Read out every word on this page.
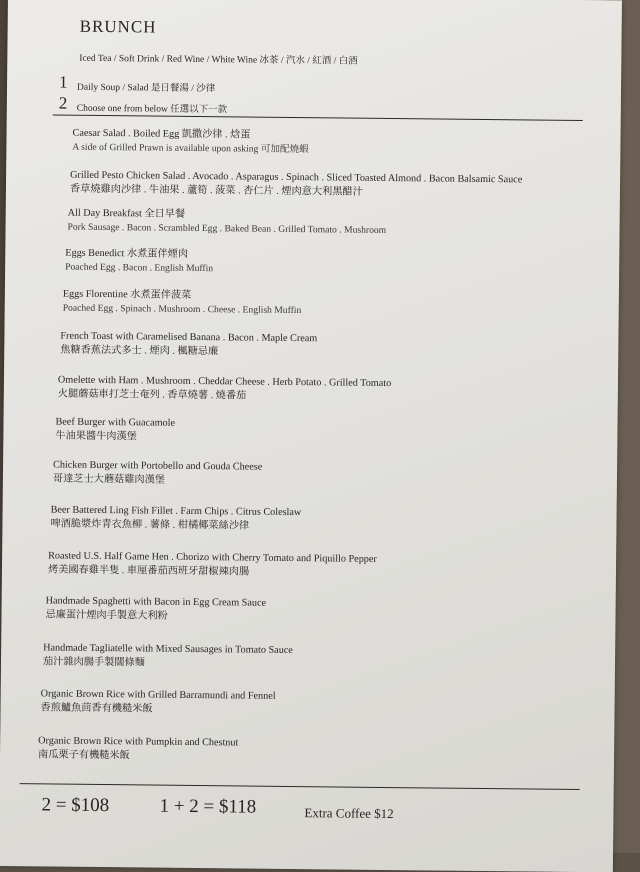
BRUNCH
Iced Tea / Soft Drink / Red Wine / White Wine 冰茶 / 汽水 / 紅酒 / 白酒
1 Daily Soup / Salad 是日餐湯 / 沙律
2 Choose one from below 任選以下一款
Caesar Salad . Boiled Egg 凱撒沙律 . 焓蛋
A side of Grilled Prawn is available upon asking 可加配燒蝦
Grilled Pesto Chicken Salad . Avocado . Asparagus . Spinach . Sliced Toasted Almond . Bacon Balsamic Sauce
香草燒雞肉沙律 . 牛油果 . 蘆筍 . 菠菜 . 杏仁片 . 煙肉意大利黑醋汁
All Day Breakfast 全日早餐
Pork Sausage . Bacon . Scrambled Egg . Baked Bean . Grilled Tomato . Mushroom
Eggs Benedict 水煮蛋伴煙肉
Poached Egg . Bacon . English Muffin
Eggs Florentine 水煮蛋伴菠菜
Poached Egg . Spinach . Mushroom . Cheese . English Muffin
French Toast with Caramelised Banana . Bacon . Maple Cream
焦糖香蕉法式多士 . 煙肉 . 楓糖忌廉
Omelette with Ham . Mushroom . Cheddar Cheese . Herb Potato . Grilled Tomato
火腿蘑菇車打芝士奄列 . 香草燒薯 . 燒番茄
Beef Burger with Guacamole
牛油果醬牛肉漢堡
Chicken Burger with Portobello and Gouda Cheese
哥達芝士大蘑菇雞肉漢堡
Beer Battered Ling Fish Fillet . Farm Chips . Citrus Coleslaw
啤酒脆漿炸青衣魚柳 . 薯條 . 柑橘椰菜絲沙律
Roasted U.S. Half Game Hen . Chorizo with Cherry Tomato and Piquillo Pepper
烤美國春雞半隻 . 車厘番茄西班牙甜椒辣肉腸
Handmade Spaghetti with Bacon in Egg Cream Sauce
忌廉蛋汁煙肉手製意大利粉
Handmade Tagliatelle with Mixed Sausages in Tomato Sauce
茄汁雜肉腸手製闊條麵
Organic Brown Rice with Grilled Barramundi and Fennel
香煎鱸魚茴香有機糙米飯
Organic Brown Rice with Pumpkin and Chestnut
南瓜栗子有機糙米飯
2 = $108	1 + 2 = $118	Extra Coffee $12
